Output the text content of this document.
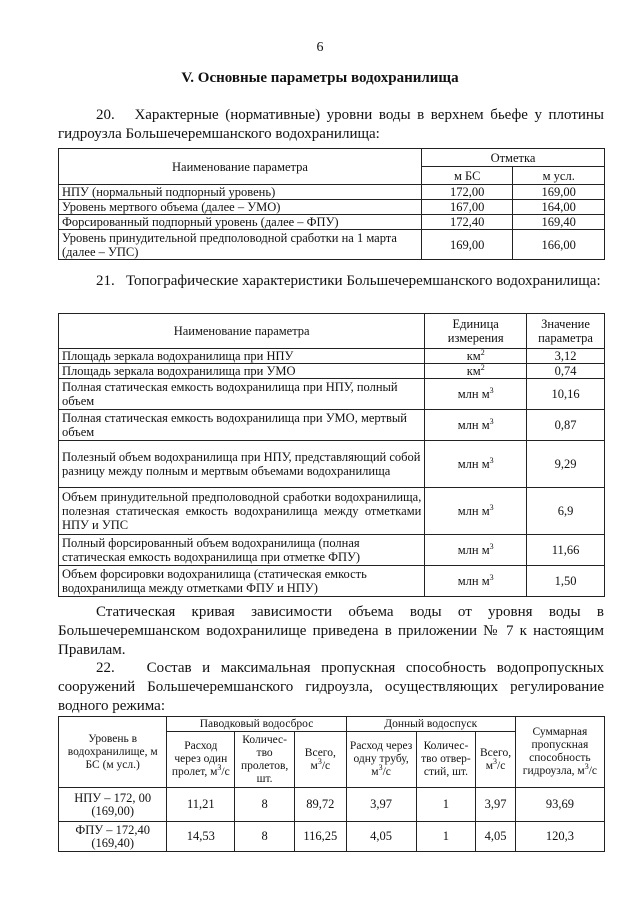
6
V. Основные параметры водохранилища
20. Характерные (нормативные) уровни воды в верхнем бьефе у плотины гидроузла Большечеремшанского водохранилища:
Наименование параметра	Отметка	
	м БС	м усл.
НПУ (нормальный подпорный уровень)	172,00	169,00
Уровень мертвого объема (далее – УМО)	167,00	164,00
Форсированный подпорный уровень (далее – ФПУ)	172,40	169,40
Уровень принудительной предполоводной сработки на 1 марта (далее – УПС)	169,00	166,00
21. Топографические характеристики Большечеремшанского водохранилища:
Наименование параметра	Единица измерения	Значение параметра
Площадь зеркала водохранилища при НПУ	$км^2$	3,12
Площадь зеркала водохранилища при УМО	$км^2$	0,74
Полная статическая емкость водохранилища при НПУ, полный объем	млн $м^3$	10,16
Полная статическая емкость водохранилища при УМО, мертвый объем	млн $м^3$	0,87
Полезный объем водохранилища при НПУ, представляющий собой разницу между полным и мертвым объемами водохранилища	млн $м^3$	9,29
Объем принудительной предполоводной сработки водохранилища, полезная статическая емкость водохранилища между отметками НПУ и УПС	млн $м^3$	6,9
Полный форсированный объем водохранилища (полная статическая емкость водохранилища при отметке ФПУ)	млн $м^3$	11,66
Объем форсировки водохранилища (статическая емкость водохранилища между отметками ФПУ и НПУ)	млн $м^3$	1,50
Статическая кривая зависимости объема воды от уровня воды в Большечеремшанском водохранилище приведена в приложении № 7 к настоящим Правилам.
22. Состав и максимальная пропускная способность водопропускных сооружений Большечеремшанского гидроузла, осуществляющих регулирование водного режима:
Уровень в водохранилище, м БС (м усл.)	Паводковый водосброс			Донный водоспуск			Суммарная пропускная способность гидроузла, $м^3/с$
	Расход через один пролет, $м^3/с$	Количес-тво пролетов, шт.	Всего, $м^3/с$	Расход через одну трубу, $м^3/с$	Количес-тво отвер-стий, шт.	Всего, $м^3/с$	
НПУ – 172, 00 (169,00)	11,21	8	89,72	3,97	1	3,97	93,69
ФПУ – 172,40 (169,40)	14,53	8	116,25	4,05	1	4,05	120,3
